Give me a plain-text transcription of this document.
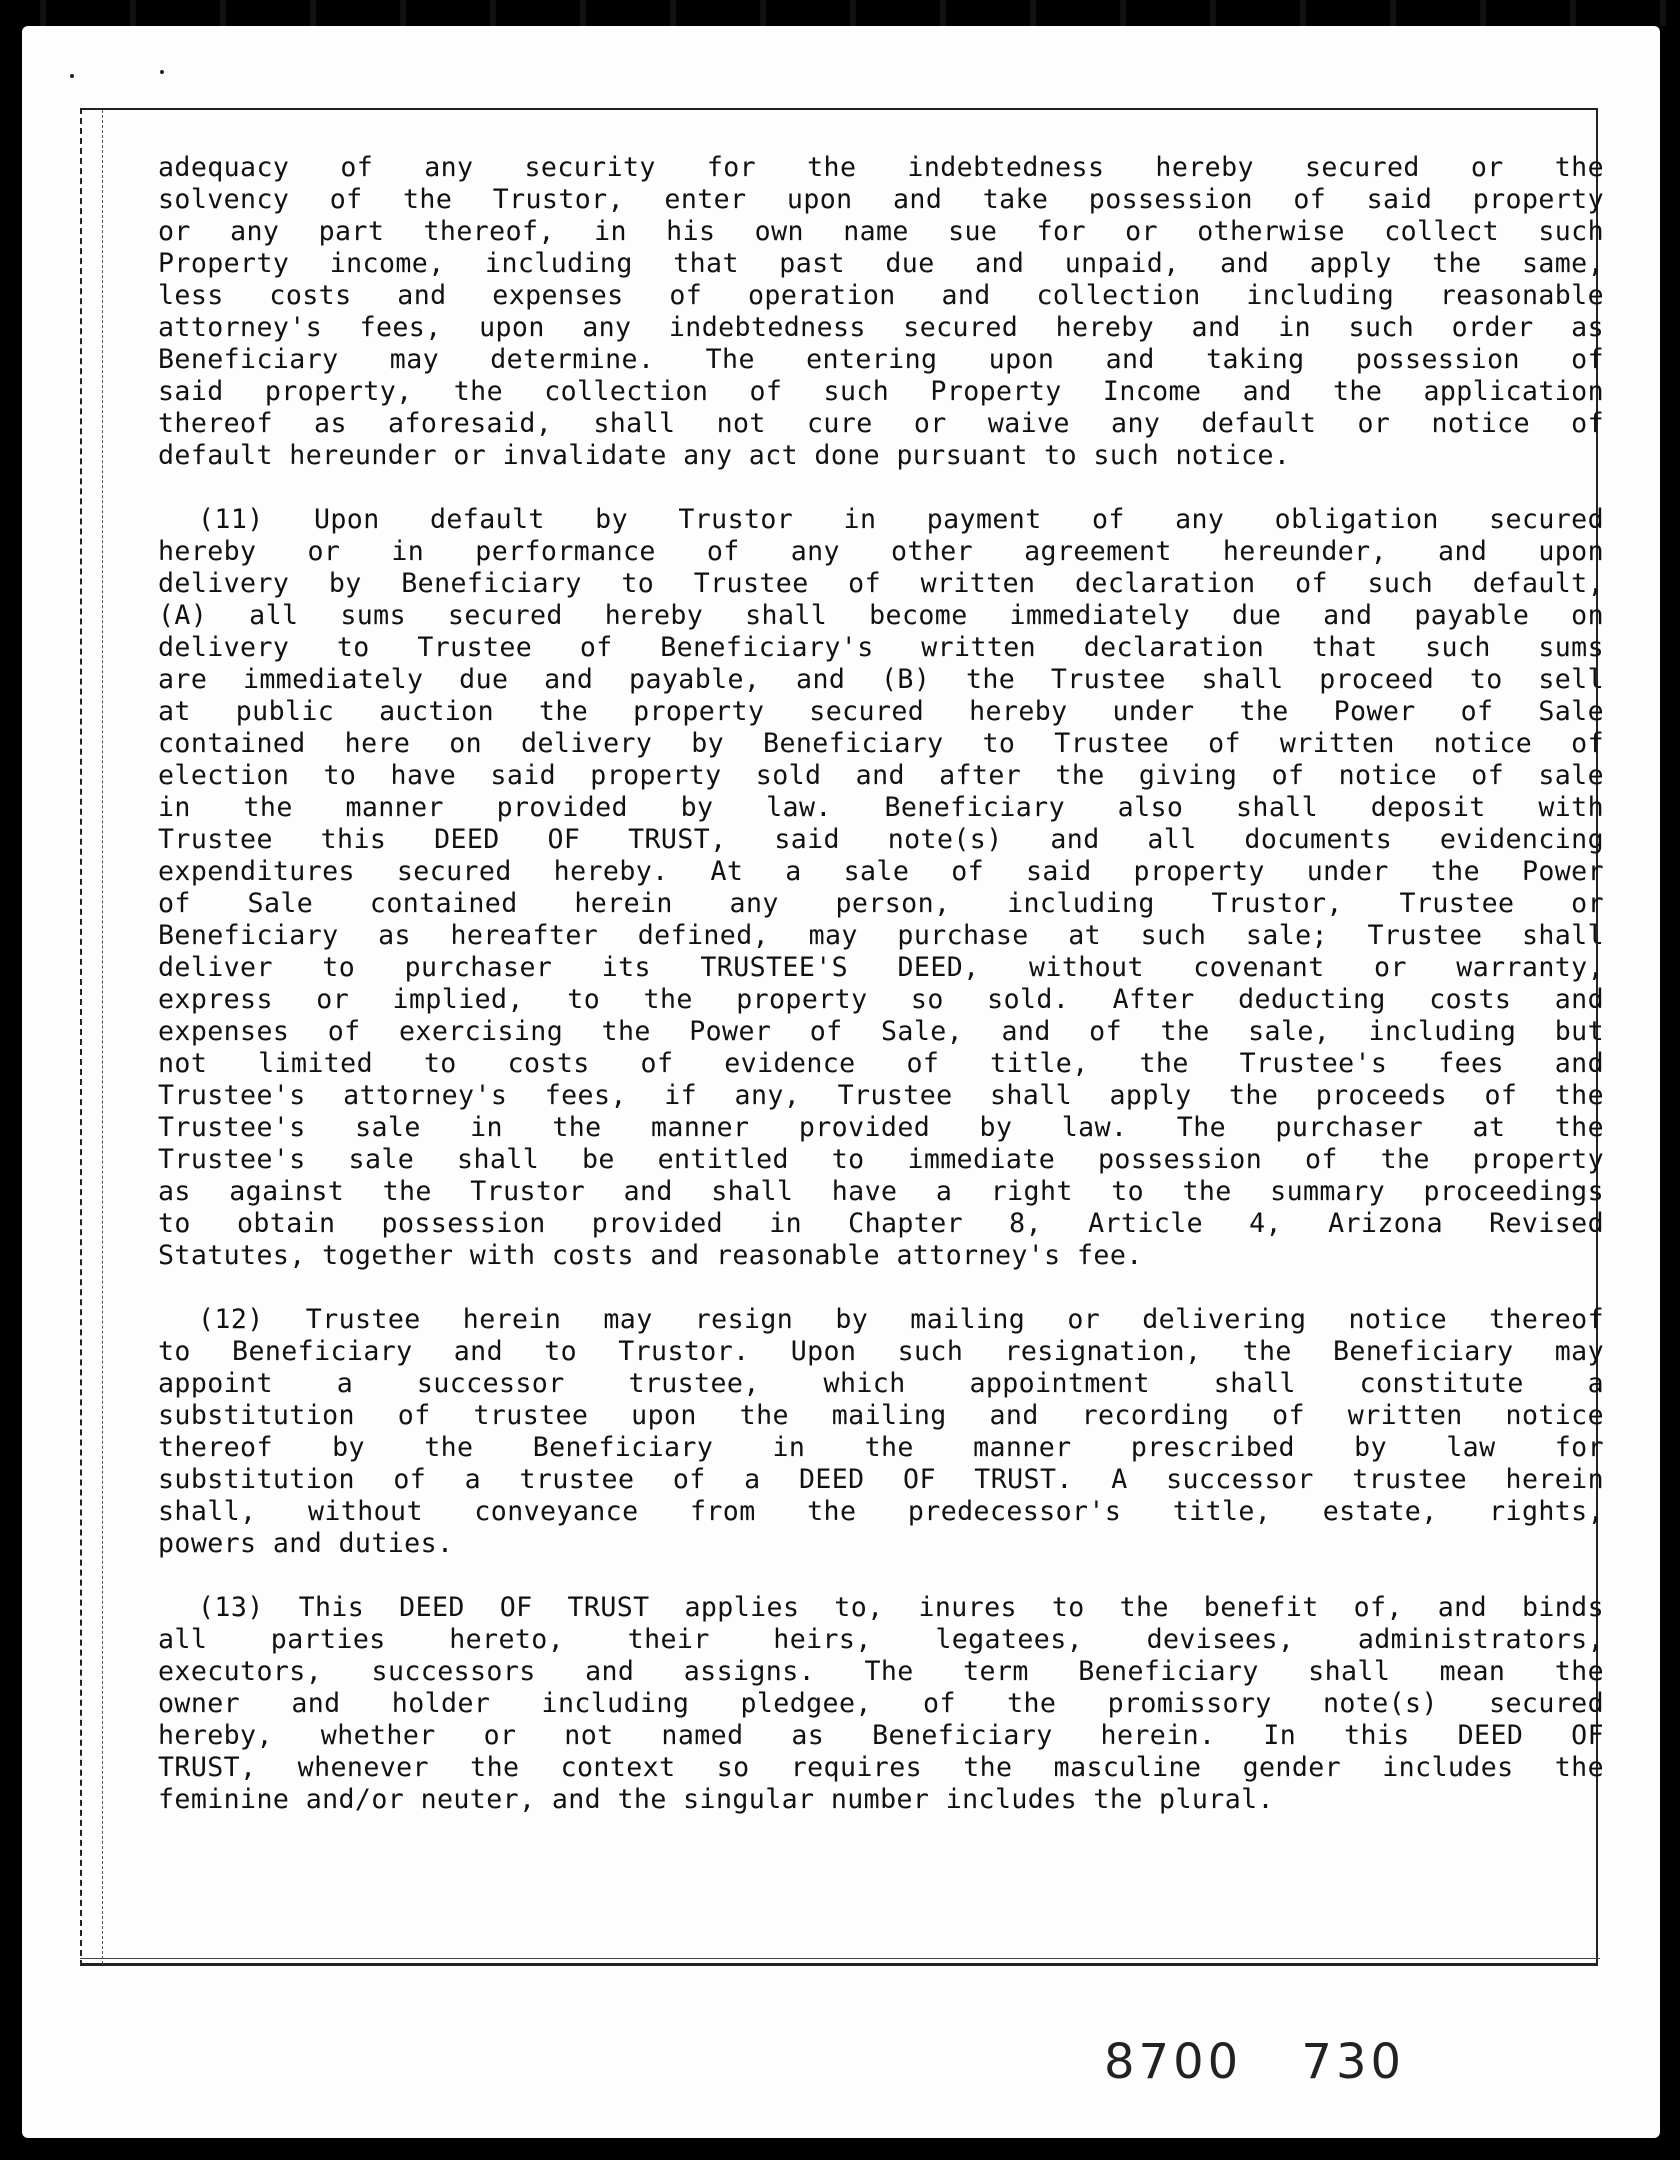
adequacy of any security for the indebtedness hereby secured or the
solvency of the Trustor, enter upon and take possession of said property
or any part thereof, in his own name sue for or otherwise collect such
Property income, including that past due and unpaid, and apply the same,
less costs and expenses of operation and collection including reasonable
attorney's fees, upon any indebtedness secured hereby and in such order as
Beneficiary may determine. The entering upon and taking possession of
said property, the collection of such Property Income and the application
thereof as aforesaid, shall not cure or waive any default or notice of
default hereunder or invalidate any act done pursuant to such notice.
(11) Upon default by Trustor in payment of any obligation secured
hereby or in performance of any other agreement hereunder, and upon
delivery by Beneficiary to Trustee of written declaration of such default,
(A) all sums secured hereby shall become immediately due and payable on
delivery to Trustee of Beneficiary's written declaration that such sums
are immediately due and payable, and (B) the Trustee shall proceed to sell
at public auction the property secured hereby under the Power of Sale
contained here on delivery by Beneficiary to Trustee of written notice of
election to have said property sold and after the giving of notice of sale
in the manner provided by law. Beneficiary also shall deposit with
Trustee this DEED OF TRUST, said note(s) and all documents evidencing
expenditures secured hereby. At a sale of said property under the Power
of Sale contained herein any person, including Trustor, Trustee or
Beneficiary as hereafter defined, may purchase at such sale; Trustee shall
deliver to purchaser its TRUSTEE'S DEED, without covenant or warranty,
express or implied, to the property so sold. After deducting costs and
expenses of exercising the Power of Sale, and of the sale, including but
not limited to costs of evidence of title, the Trustee's fees and
Trustee's attorney's fees, if any, Trustee shall apply the proceeds of the
Trustee's sale in the manner provided by law. The purchaser at the
Trustee's sale shall be entitled to immediate possession of the property
as against the Trustor and shall have a right to the summary proceedings
to obtain possession provided in Chapter 8, Article 4, Arizona Revised
Statutes, together with costs and reasonable attorney's fee.
(12) Trustee herein may resign by mailing or delivering notice thereof
to Beneficiary and to Trustor. Upon such resignation, the Beneficiary may
appoint a successor trustee, which appointment shall constitute a
substitution of trustee upon the mailing and recording of written notice
thereof by the Beneficiary in the manner prescribed by law for
substitution of a trustee of a DEED OF TRUST. A successor trustee herein
shall, without conveyance from the predecessor's title, estate, rights,
powers and duties.
(13) This DEED OF TRUST applies to, inures to the benefit of, and binds
all parties hereto, their heirs, legatees, devisees, administrators,
executors, successors and assigns. The term Beneficiary shall mean the
owner and holder including pledgee, of the promissory note(s) secured
hereby, whether or not named as Beneficiary herein. In this DEED OF
TRUST, whenever the context so requires the masculine gender includes the
feminine and/or neuter, and the singular number includes the plural.
8700 730
